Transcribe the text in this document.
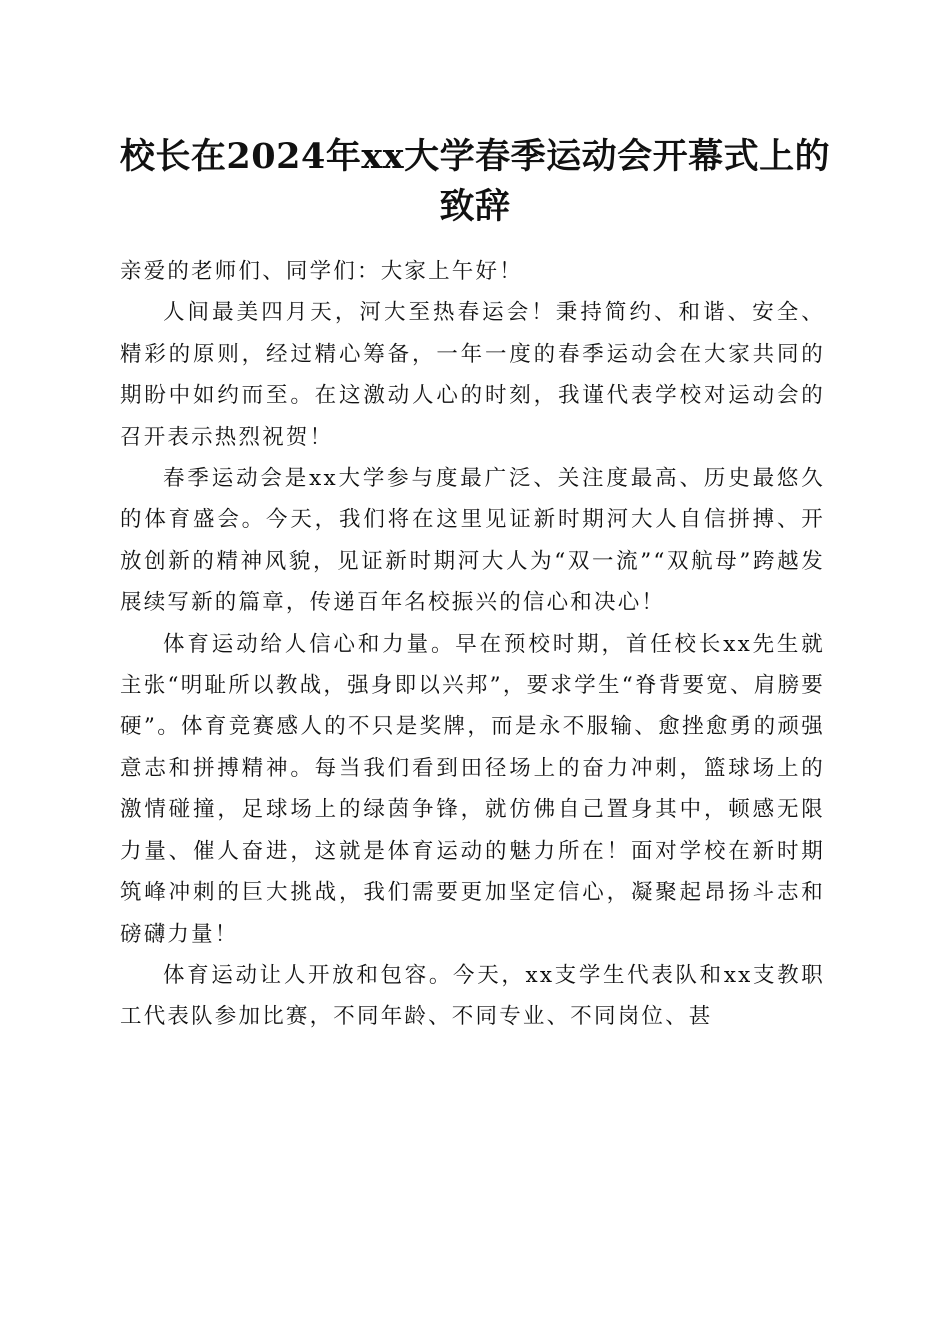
校长在2024年xx大学春季运动会开幕式上的
致辞

亲爱的老师们、同学们：大家上午好！

人间最美四月天，河大至热春运会！秉持简约、和谐、安全、精彩的原则，经过精心筹备，一年一度的春季运动会在大家共同的期盼中如约而至。在这激动人心的时刻，我谨代表学校对运动会的召开表示热烈祝贺！

春季运动会是xx大学参与度最广泛、关注度最高、历史最悠久的体育盛会。今天，我们将在这里见证新时期河大人自信拼搏、开放创新的精神风貌，见证新时期河大人为“双一流”“双航母”跨越发展续写新的篇章，传递百年名校振兴的信心和决心！

体育运动给人信心和力量。早在预校时期，首任校长xx先生就主张“明耻所以教战，强身即以兴邦”，要求学生“脊背要宽、肩膀要硬”。体育竞赛感人的不只是奖牌，而是永不服输、愈挫愈勇的顽强意志和拼搏精神。每当我们看到田径场上的奋力冲刺，篮球场上的激情碰撞，足球场上的绿茵争锋，就仿佛自己置身其中，顿感无限力量、催人奋进，这就是体育运动的魅力所在！面对学校在新时期筑峰冲刺的巨大挑战，我们需要更加坚定信心，凝聚起昂扬斗志和磅礴力量！

体育运动让人开放和包容。今天，xx支学生代表队和xx支教职工代表队参加比赛，不同年龄、不同专业、不同岗位、甚
